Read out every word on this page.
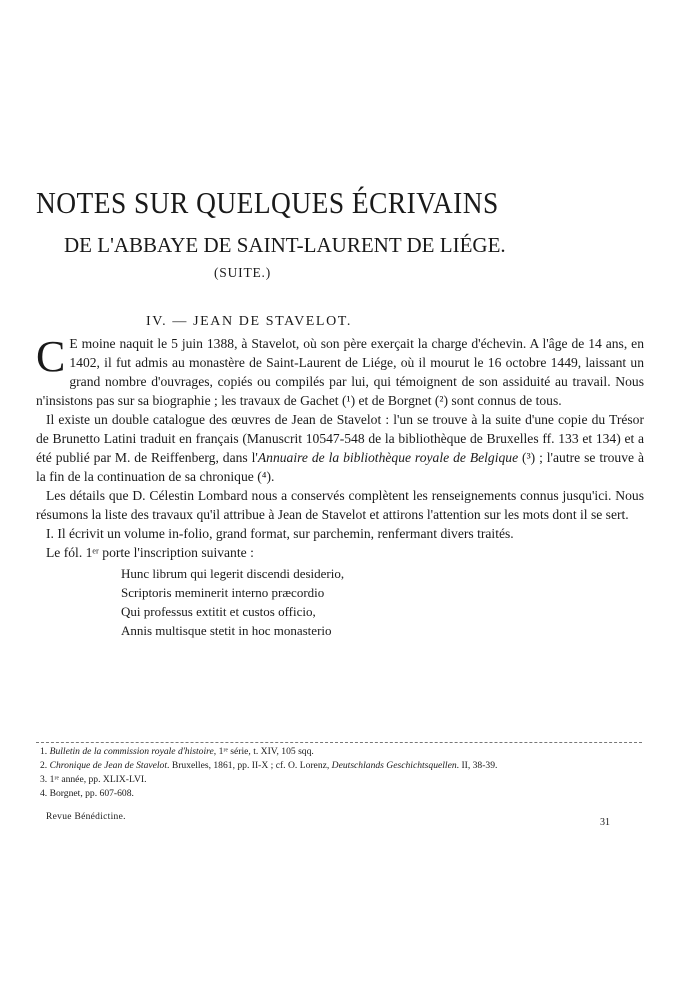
NOTES SUR QUELQUES ÉCRIVAINS
DE L'ABBAYE DE SAINT-LAURENT DE LIÉGE.
(SUITE.)
IV. — JEAN DE STAVELOT.

C E moine naquit le 5 juin 1388, à Stavelot, où son père exerçait la charge d'échevin. A l'âge de 14 ans, en 1402, il fut admis au monastère de Saint-Laurent de Liége, où il mourut le 16 octobre 1449, laissant un grand nombre d'ouvrages, copiés ou compilés par lui, qui témoignent de son assiduité au travail. Nous n'insistons pas sur sa biographie ; les travaux de Gachet (¹) et de Borgnet (²) sont connus de tous.

Il existe un double catalogue des œuvres de Jean de Stavelot : l'un se trouve à la suite d'une copie du Trésor de Brunetto Latini traduit en français (Manuscrit 10547-548 de la bibliothèque de Bruxelles ff. 133 et 134) et a été publié par M. de Reiffenberg, dans l'Annuaire de la bibliothèque royale de Belgique (³) ; l'autre se trouve à la fin de la continuation de sa chronique (⁴).

Les détails que D. Célestin Lombard nous a conservés complètent les renseignements connus jusqu'ici. Nous résumons la liste des travaux qu'il attribue à Jean de Stavelot et attirons l'attention sur les mots dont il se sert.

I. Il écrivit un volume in-folio, grand format, sur parchemin, renfermant divers traités.

Le fól. 1ᵉʳ porte l'inscription suivante :

Hunc librum qui legerit discendi desiderio,
Scriptoris meminerit interno præcordio
Qui professus extitit et custos officio,
Annis multisque stetit in hoc monasterio

1. Bulletin de la commission royale d'histoire, 1ʳᵉ série, t. XIV, 105 sqq.

2. Chronique de Jean de Stavelot. Bruxelles, 1861, pp. II-X ; cf. O. Lorenz, Deutschlands Geschichtsquellen. II, 38-39.

3. 1ʳᵉ année, pp. XLIX-LVI.

4. Borgnet, pp. 607-608.

Revue Bénédictine.	31
